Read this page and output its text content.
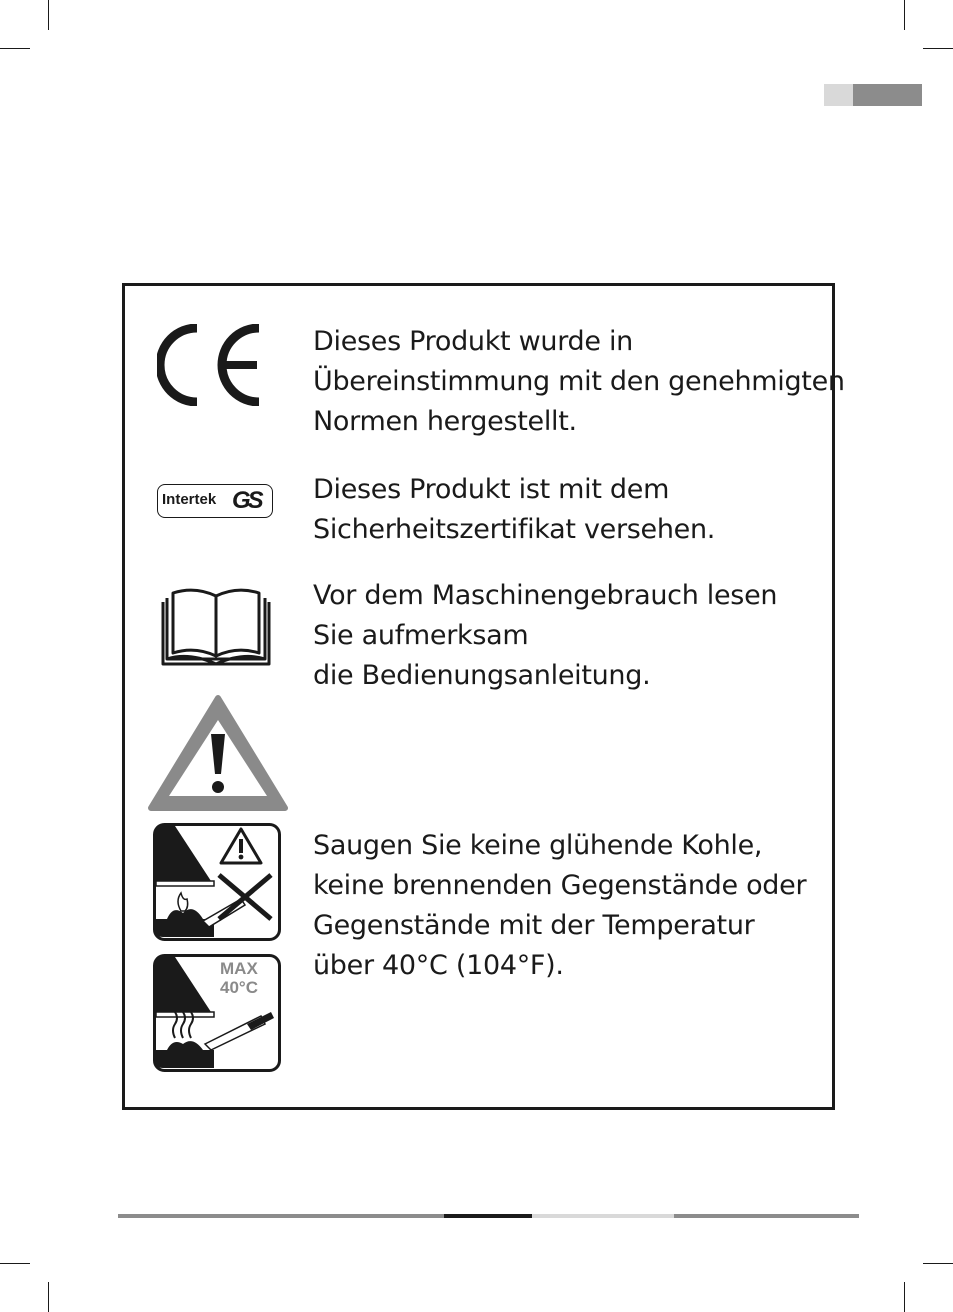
Dieses Produkt wurde in
Übereinstimmung mit den genehmigten
Normen hergestellt.
Intertek GS Dieses Produkt ist mit dem
Sicherheitszertifikat versehen.
Vor dem Maschinengebrauch lesen
Sie aufmerksam
die Bedienungsanleitung.
MAX
40°C
Saugen Sie keine glühende Kohle,
keine brennenden Gegenstände oder
Gegenstände mit der Temperatur
über 40°C (104°F).
